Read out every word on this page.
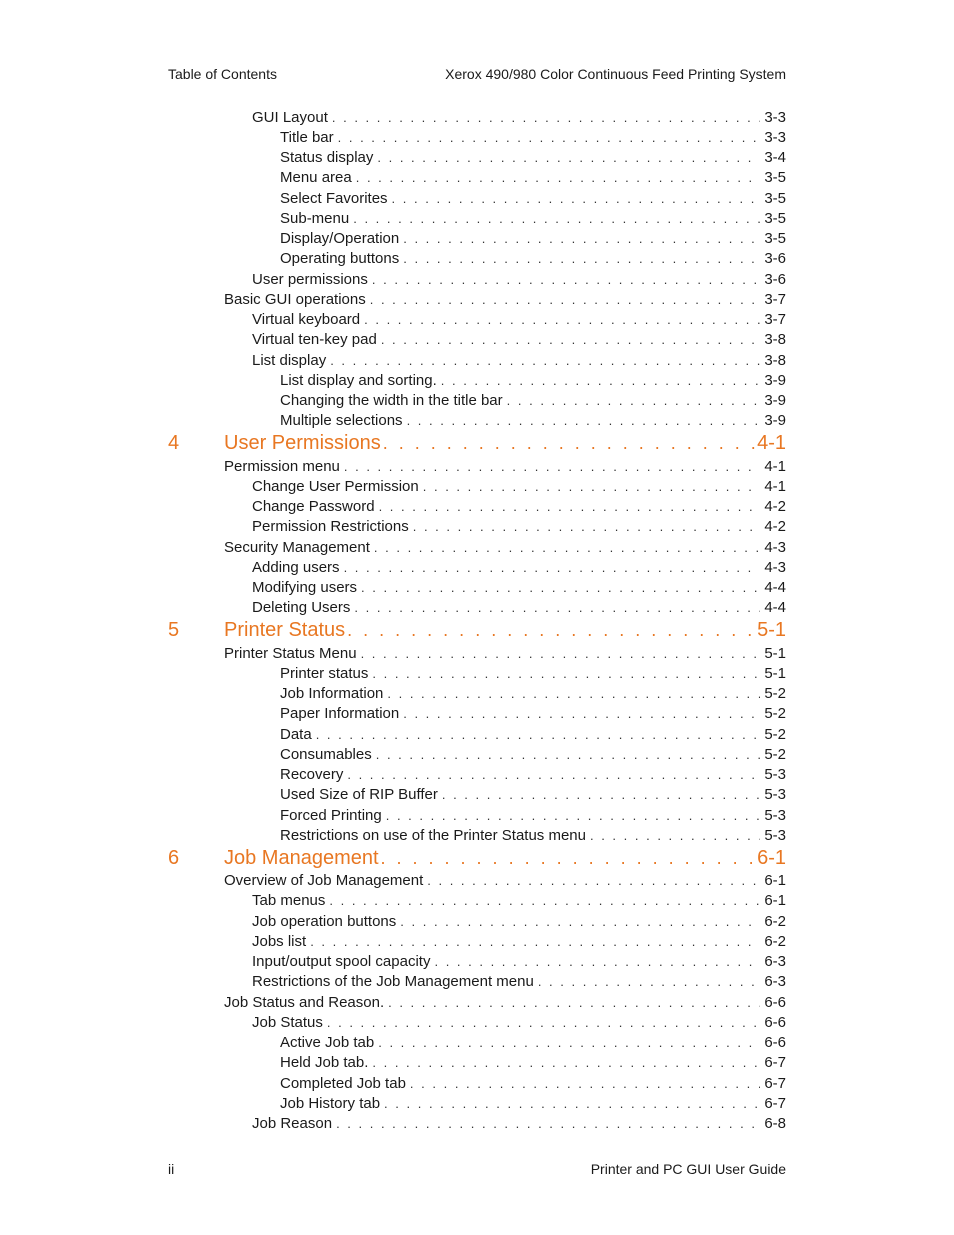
Table of Contents	Xerox 490/980 Color Continuous Feed Printing System
GUI Layout . . .	3-3
Title bar . . .	3-3
Status display . . .	3-4
Menu area . . .	3-5
Select Favorites . . .	3-5
Sub-menu . . .	3-5
Display/Operation . . .	3-5
Operating buttons . . .	3-6
User permissions . . .	3-6
Basic GUI operations . . .	3-7
Virtual keyboard . . .	3-7
Virtual ten-key pad . . .	3-8
List display . . .	3-8
List display and sorting. . . .	3-9
Changing the width in the title bar . . .	3-9
Multiple selections . . .	3-9
4	User Permissions . . .	4-1
Permission menu . . .	4-1
Change User Permission . . .	4-1
Change Password . . .	4-2
Permission Restrictions . . .	4-2
Security Management . . .	4-3
Adding users . . .	4-3
Modifying users . . .	4-4
Deleting Users . . .	4-4
5	Printer Status . . .	5-1
Printer Status Menu . . .	5-1
Printer status . . .	5-1
Job Information . . .	5-2
Paper Information . . .	5-2
Data . . .	5-2
Consumables . . .	5-2
Recovery . . .	5-3
Used Size of RIP Buffer . . .	5-3
Forced Printing . . .	5-3
Restrictions on use of the Printer Status menu . . .	5-3
6	Job Management . . .	6-1
Overview of Job Management . . .	6-1
Tab menus . . .	6-1
Job operation buttons . . .	6-2
Jobs list . . .	6-2
Input/output spool capacity . . .	6-3
Restrictions of the Job Management menu . . .	6-3
Job Status and Reason. . . .	6-6
Job Status . . .	6-6
Active Job tab . . .	6-6
Held Job tab. . . .	6-7
Completed Job tab . . .	6-7
Job History tab . . .	6-7
Job Reason . . .	6-8
ii	Printer and PC GUI User Guide
